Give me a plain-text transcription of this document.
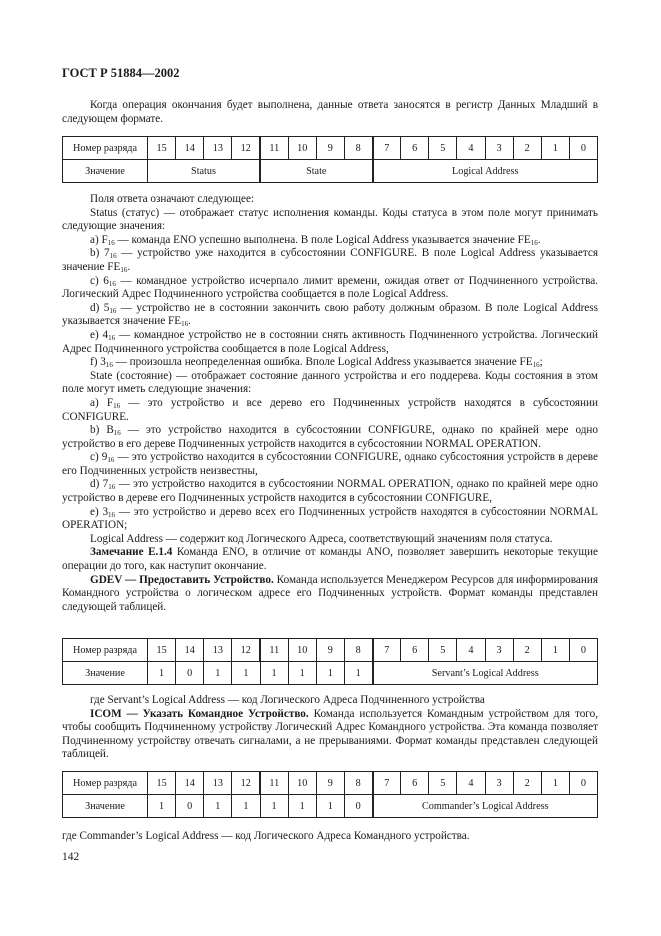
ГОСТ Р 51884—2002

Когда операция окончания будет выполнена, данные ответа заносятся в регистр Данных Младший в следующем формате.

Номер разряда	15	14	13	12	11	10	9	8	7	6	5	4	3	2	1	0
Значение	Status				State				Logical Address							

Поля ответа означают следующее:

Status (статус) — отображает статус исполнения команды. Коды статуса в этом поле могут принимать следующие значения:

a) $F_{16}$ — команда ENO успешно выполнена. В поле Logical Address указывается значение $FE_{16}$.

b) $7_{16}$ — устройство уже находится в субсостоянии CONFIGURE. В поле Logical Address указывается значение $FE_{16}$.

c) $6_{16}$ — командное устройство исчерпало лимит времени, ожидая ответ от Подчиненного устройства. Логический Адрес Подчиненного устройства сообщается в поле Logical Address.

d) $5_{16}$ — устройство не в состоянии закончить свою работу должным образом. В поле Logical Address указывается значение $FE_{16}$.

e) $4_{16}$ — командное устройство не в состоянии снять активность Подчиненного устройства. Логический Адрес Подчиненного устройства сообщается в поле Logical Address,

f) $3_{16}$ — произошла неопределенная ошибка. Вполе Logical Address указывается значение $FE_{16}$;

State (состояние) — отображает состояние данного устройства и его поддерева. Коды состояния в этом поле могут иметь следующие значения:

a) $F_{16}$ — это устройство и все дерево его Подчиненных устройств находятся в субсостоянии CONFIGURE.

b) $B_{16}$ — это устройство находится в субсостоянии CONFIGURE, однако по крайней мере одно устройство в его дереве Подчиненных устройств находится в субсостоянии NORMAL OPERATION.

c) $9_{16}$ — это устройство находится в субсостоянии CONFIGURE, однако субсостояния устройств в дереве его Подчиненных устройств неизвестны,

d) $7_{16}$ — это устройство находится в субсостоянии NORMAL OPERATION, однако по крайней мере одно устройство в дереве его Подчиненных устройств находится в субсостоянии CONFIGURE,

e) $3_{16}$ — это устройство и дерево всех его Подчиненных устройств находятся в субсостоянии NORMAL OPERATION;

Logical Address — содержит код Логического Адреса, соответствующий значениям поля статуса.

Замечание Е.1.4 Команда ENO, в отличие от команды ANO, позволяет завершить некоторые текущие операции до того, как наступит окончание.

GDEV — Предоставить Устройство. Команда используется Менеджером Ресурсов для информирования Командного устройства о логическом адресе его Подчиненных устройств. Формат команды представлен следующей таблицей.

Номер разряда	15	14	13	12	11	10	9	8	7	6	5	4	3	2	1	0
Значение	1	0	1	1	1	1	1	1	Servant’s Logical Address							

где Servant’s Logical Address — код Логического Адреса Подчиненного устройства

ICOM — Указать Командное Устройство. Команда используется Командным устройством для того, чтобы сообщить Подчиненному устройству Логический Адрес Командного устройства. Эта команда позволяет Подчиненному устройству отвечать сигналами, а не прерываниями. Формат команды представлен следующей таблицей.

Номер разряда	15	14	13	12	11	10	9	8	7	6	5	4	3	2	1	0
Значение	1	0	1	1	1	1	1	0	Commander’s Logical Address							

где Commander’s Logical Address — код Логического Адреса Командного устройства.

142
